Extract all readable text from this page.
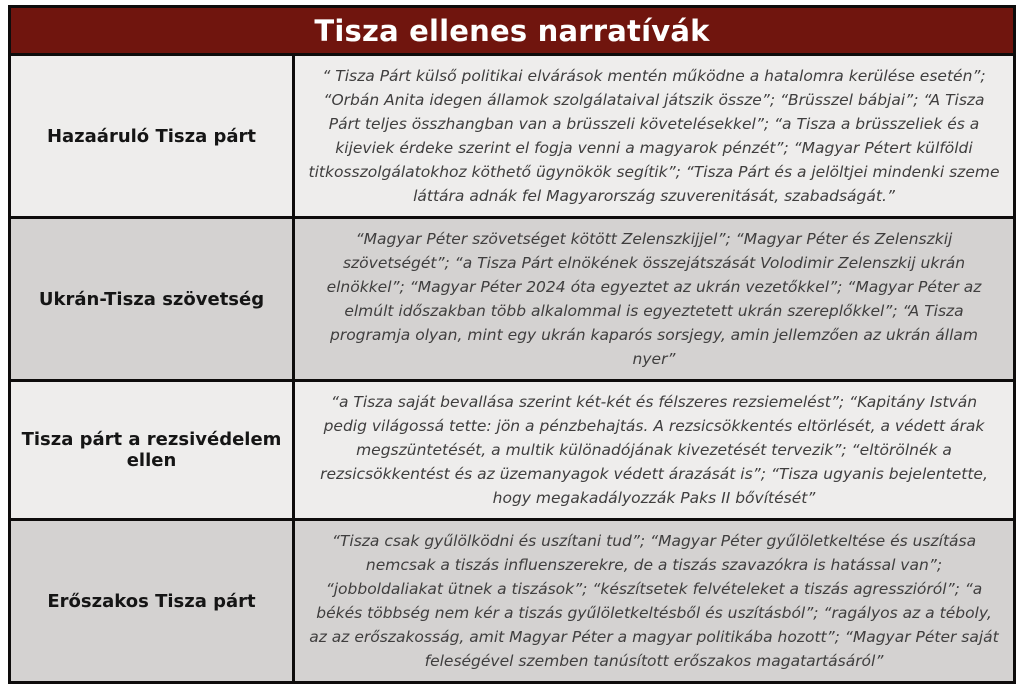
Tisza ellenes narratívák
Hazaáruló Tisza párt
“ Tisza Párt külső politikai elvárások mentén működne a hatalomra kerülése esetén”; “Orbán Anita idegen államok szolgálataival játszik össze”; “Brüsszel bábjai”; “A Tisza Párt teljes összhangban van a brüsszeli követelésekkel”; “a Tisza a brüsszeliek és a kijeviek érdeke szerint el fogja venni a magyarok pénzét”; “Magyar Pétert külföldi titkosszolgálatokhoz köthető ügynökök segítik”; “Tisza Párt és a jelöltjei mindenki szeme láttára adnák fel Magyarország szuverenitását, szabadságát.”
Ukrán-Tisza szövetség
“Magyar Péter szövetséget kötött Zelenszkijjel”; “Magyar Péter és Zelenszkij szövetségét”; “a Tisza Párt elnökének összejátszását Volodimir Zelenszkij ukrán elnökkel”; “Magyar Péter 2024 óta egyeztet az ukrán vezetőkkel”; “Magyar Péter az elmúlt időszakban több alkalommal is egyeztetett ukrán szereplőkkel”; “A Tisza programja olyan, mint egy ukrán kaparós sorsjegy, amin jellemzően az ukrán állam nyer”
Tisza párt a rezsivédelem ellen
“a Tisza saját bevallása szerint két-két és félszeres rezsiemelést”; “Kapitány István pedig világossá tette: jön a pénzbehajtás. A rezsicsökkentés eltörlését, a védett árak megszüntetését, a multik különadójának kivezetését tervezik”; “eltörölnék a rezsicsökkentést és az üzemanyagok védett árazását is”; “Tisza ugyanis bejelentette, hogy megakadályozzák Paks II bővítését”
Erőszakos Tisza párt
“Tisza csak gyűlölködni és uszítani tud”; “Magyar Péter gyűlöletkeltése és uszítása nemcsak a tiszás influenszerekre, de a tiszás szavazókra is hatással van”; “jobboldaliakat ütnek a tiszások”; “készítsetek felvételeket a tiszás agresszióról”; “a békés többség nem kér a tiszás gyűlöletkeltésből és uszításból”; “ragályos az a téboly, az az erőszakosság, amit Magyar Péter a magyar politikába hozott”; “Magyar Péter saját feleségével szemben tanúsított erőszakos magatartásáról”
